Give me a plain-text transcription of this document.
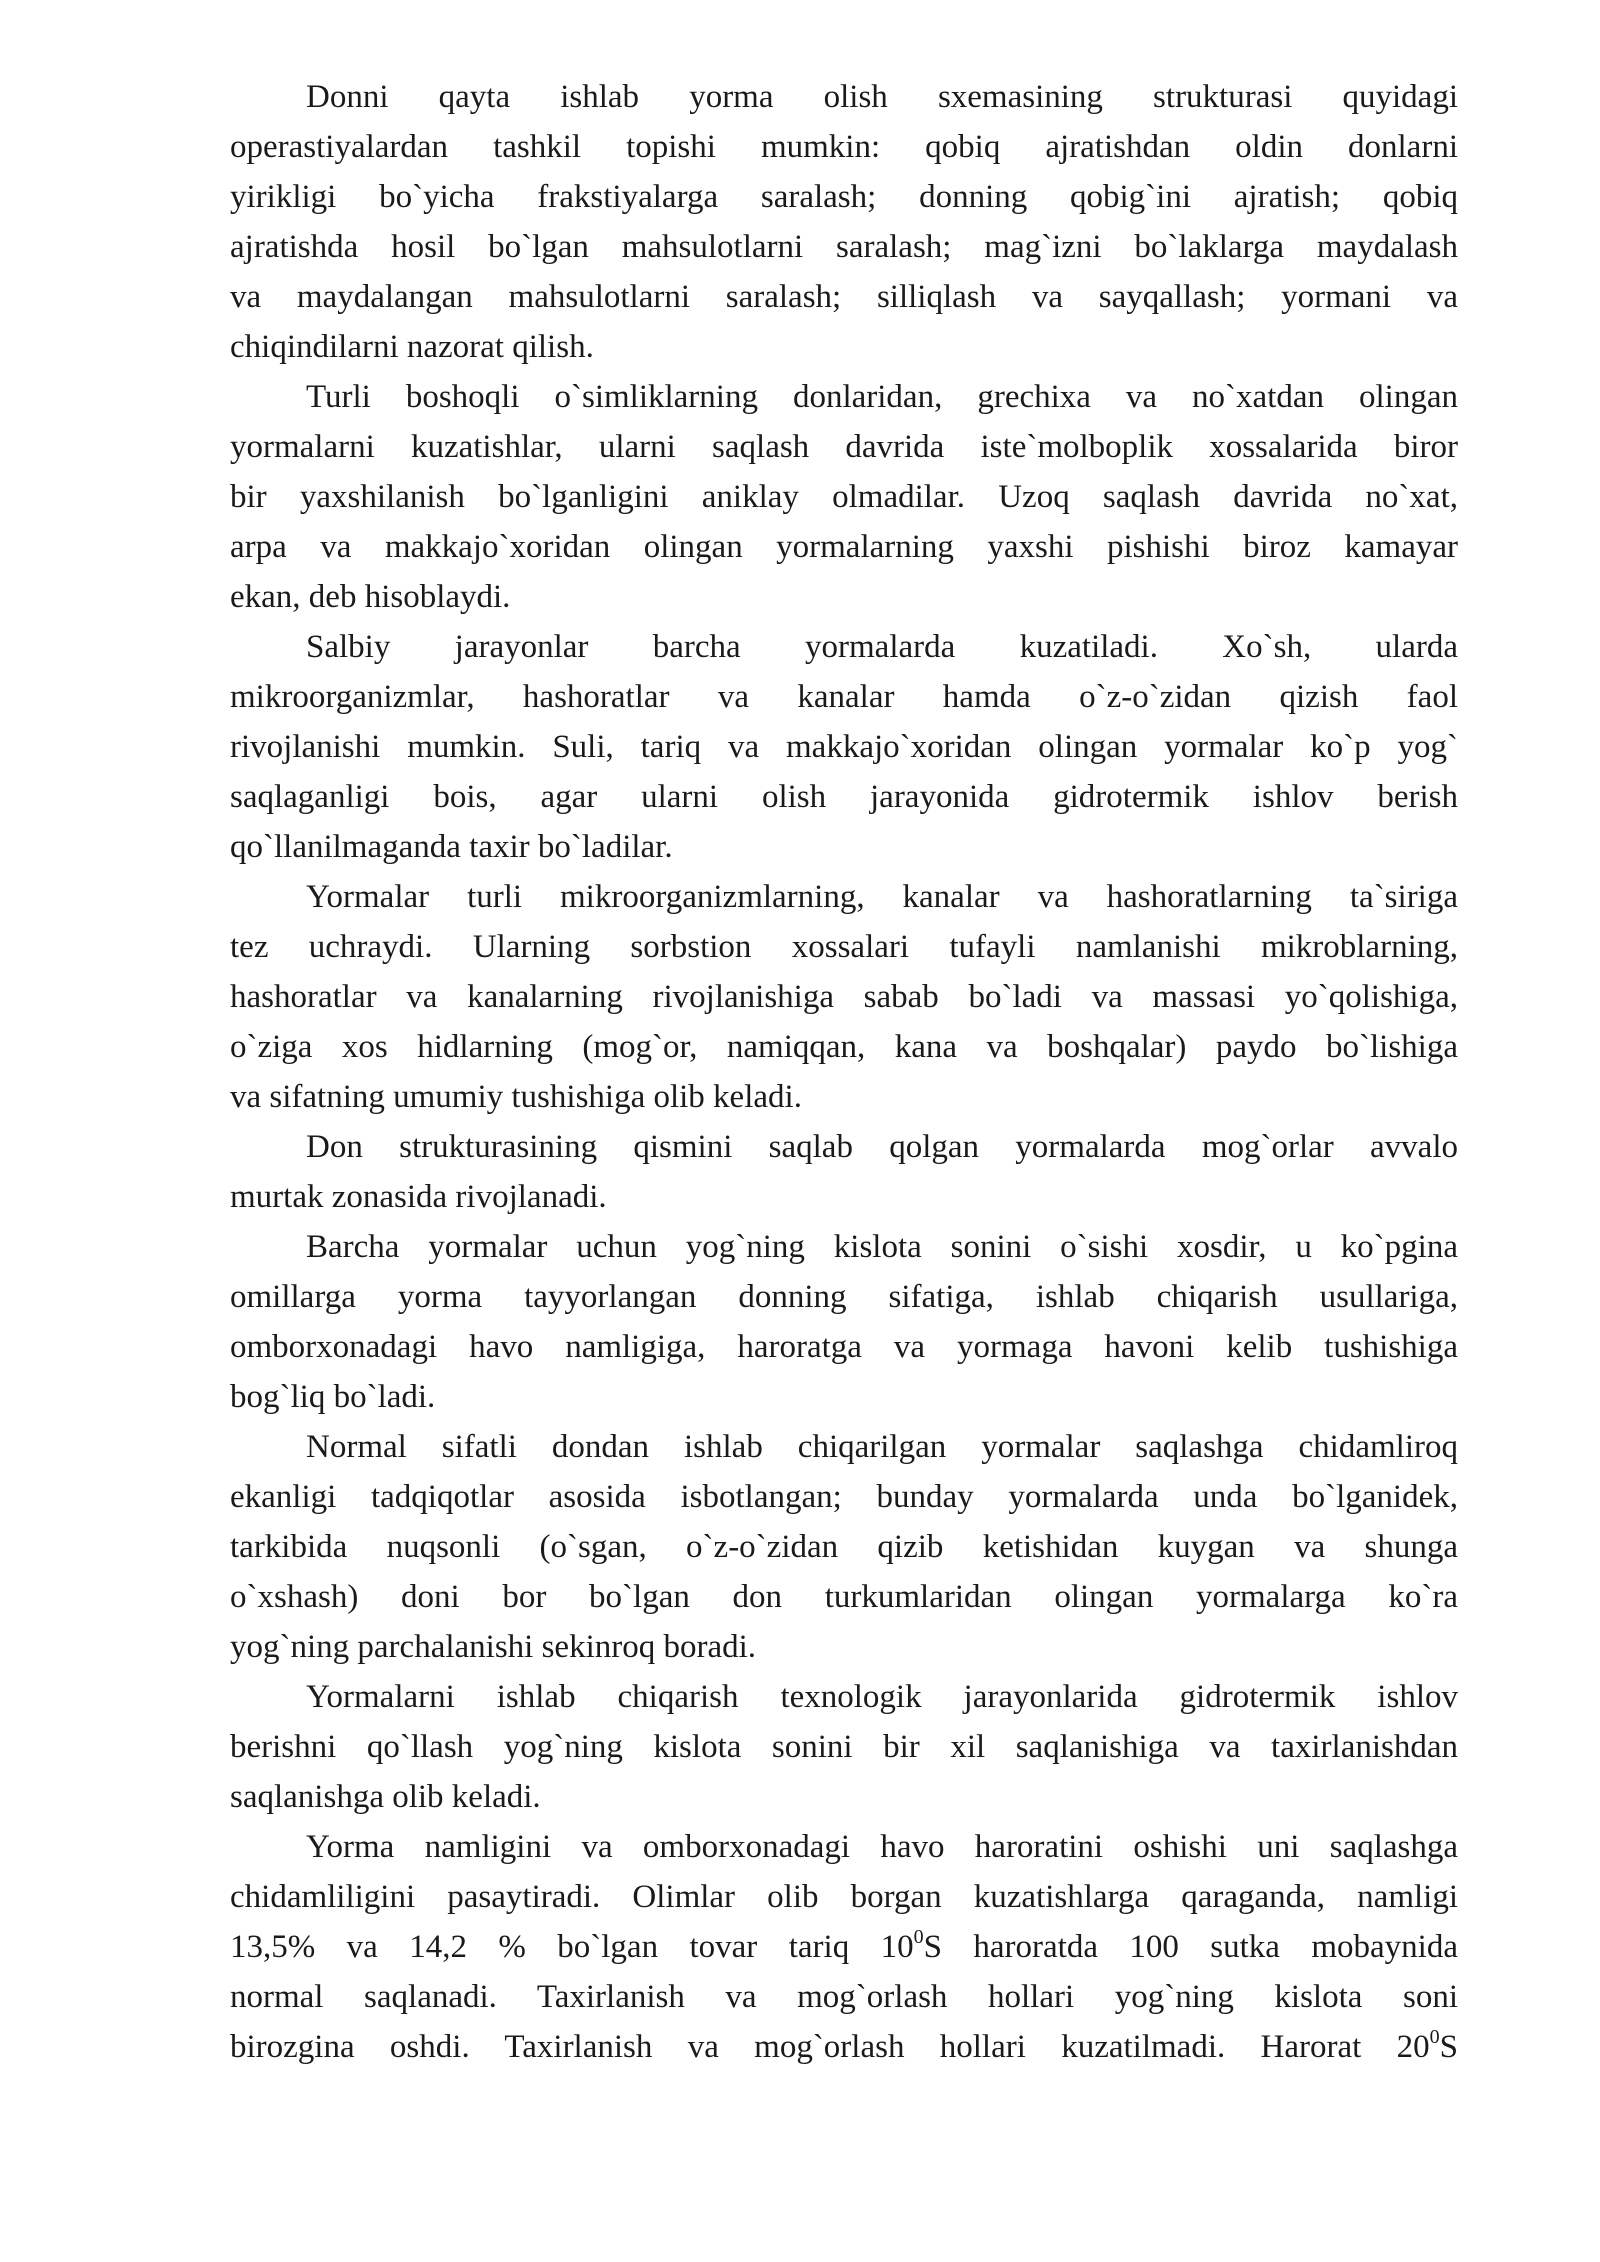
Donni qayta ishlab yorma olish sxemasining strukturasi quyidagi
operastiyalardan tashkil topishi mumkin: qobiq ajratishdan oldin donlarni
yirikligi bo`yicha frakstiyalarga saralash; donning qobig`ini ajratish; qobiq
ajratishda hosil bo`lgan mahsulotlarni saralash; mag`izni bo`laklarga maydalash
va maydalangan mahsulotlarni saralash; silliqlash va sayqallash; yormani va
chiqindilarni nazorat qilish.

Turli boshoqli o`simliklarning donlaridan, grechixa va no`xatdan olingan
yormalarni kuzatishlar, ularni saqlash davrida iste`molboplik xossalarida biror
bir yaxshilanish bo`lganligini aniklay olmadilar. Uzoq saqlash davrida no`xat,
arpa va makkajo`xoridan olingan yormalarning yaxshi pishishi biroz kamayar
ekan, deb hisoblaydi.

Salbiy jarayonlar barcha yormalarda kuzatiladi. Xo`sh, ularda
mikroorganizmlar, hashoratlar va kanalar hamda o`z-o`zidan qizish faol
rivojlanishi mumkin. Suli, tariq va makkajo`xoridan olingan yormalar ko`p yog`
saqlaganligi bois, agar ularni olish jarayonida gidrotermik ishlov berish
qo`llanilmaganda taxir bo`ladilar.

Yormalar turli mikroorganizmlarning, kanalar va hashoratlarning ta`siriga
tez uchraydi. Ularning sorbstion xossalari tufayli namlanishi mikroblarning,
hashoratlar va kanalarning rivojlanishiga sabab bo`ladi va massasi yo`qolishiga,
o`ziga xos hidlarning (mog`or, namiqqan, kana va boshqalar) paydo bo`lishiga
va sifatning umumiy tushishiga olib keladi.

Don strukturasining qismini saqlab qolgan yormalarda mog`orlar avvalo
murtak zonasida rivojlanadi.

Barcha yormalar uchun yog`ning kislota sonini o`sishi xosdir, u ko`pgina
omillarga yorma tayyorlangan donning sifatiga, ishlab chiqarish usullariga,
omborxonadagi havo namligiga, haroratga va yormaga havoni kelib tushishiga
bog`liq bo`ladi.

Normal sifatli dondan ishlab chiqarilgan yormalar saqlashga chidamliroq
ekanligi tadqiqotlar asosida isbotlangan; bunday yormalarda unda bo`lganidek,
tarkibida nuqsonli (o`sgan, o`z-o`zidan qizib ketishidan kuygan va shunga
o`xshash) doni bor bo`lgan don turkumlaridan olingan yormalarga ko`ra
yog`ning parchalanishi sekinroq boradi.

Yormalarni ishlab chiqarish texnologik jarayonlarida gidrotermik ishlov
berishni qo`llash yog`ning kislota sonini bir xil saqlanishiga va taxirlanishdan
saqlanishga olib keladi.

Yorma namligini va omborxonadagi havo haroratini oshishi uni saqlashga
chidamliligini pasaytiradi. Olimlar olib borgan kuzatishlarga qaraganda, namligi
13,5% va 14,2 % bo`lgan tovar tariq $10^0S$ haroratda 100 sutka mobaynida
normal saqlanadi. Taxirlanish va mog`orlash hollari yog`ning kislota soni
birozgina oshdi. Taxirlanish va mog`orlash hollari kuzatilmadi. Harorat $20^0S$
